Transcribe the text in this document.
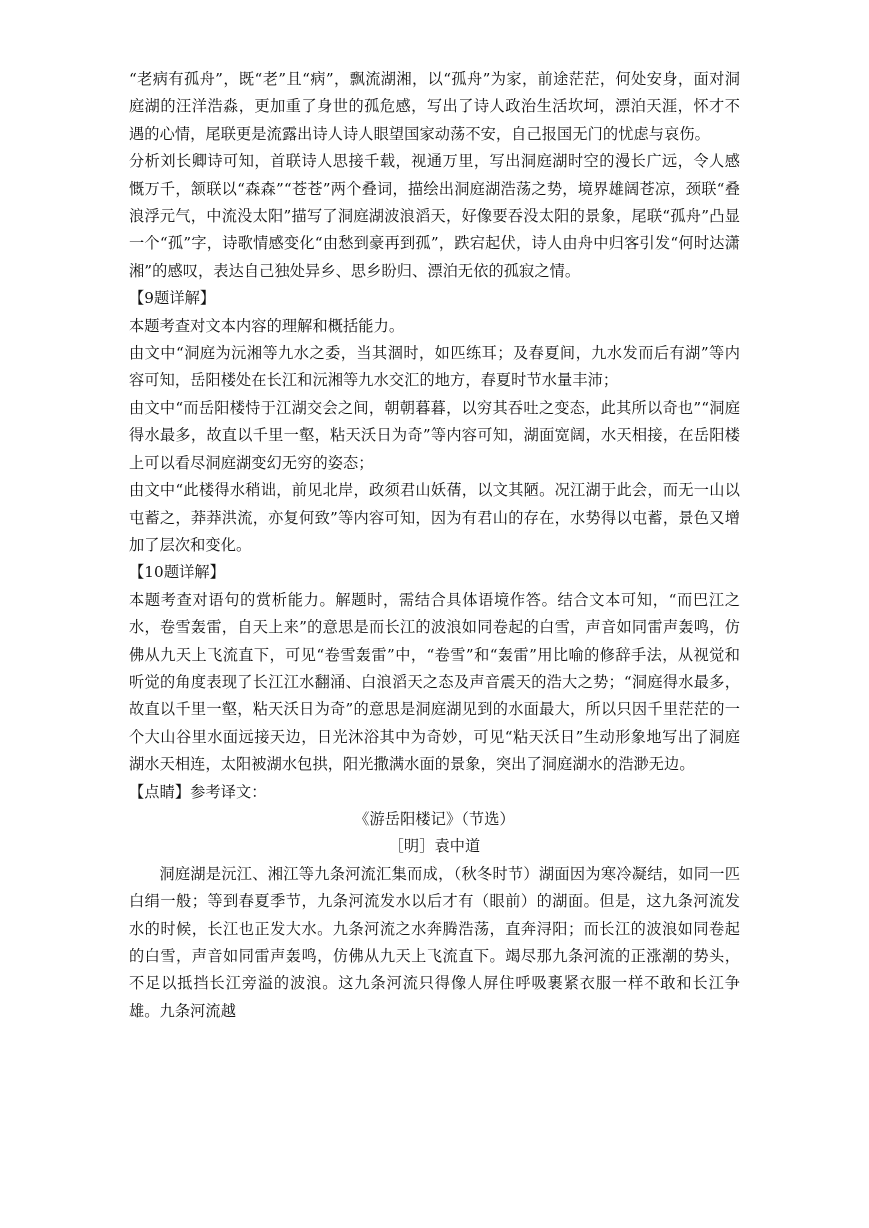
“老病有孤舟”，既“老”且“病”，飘流湖湘，以“孤舟”为家，前途茫茫，何处安身，面对洞庭湖的汪洋浩淼，更加重了身世的孤危感，写出了诗人政治生活坎坷，漂泊天涯，怀才不遇的心情，尾联更是流露出诗人诗人眼望国家动荡不安，自己报国无门的忧虑与哀伤。

分析刘长卿诗可知，首联诗人思接千载，视通万里，写出洞庭湖时空的漫长广远，令人感慨万千，颔联以“森森”“苍苍”两个叠词，描绘出洞庭湖浩荡之势，境界雄阔苍凉，颈联“叠浪浮元气，中流没太阳”描写了洞庭湖波浪滔天，好像要吞没太阳的景象，尾联“孤舟”凸显一个“孤”字，诗歌情感变化“由愁到豪再到孤”，跌宕起伏，诗人由舟中归客引发“何时达潇湘”的感叹，表达自己独处异乡、思乡盼归、漂泊无依的孤寂之情。

【9题详解】

本题考查对文本内容的理解和概括能力。

由文中“洞庭为沅湘等九水之委，当其涸时，如匹练耳；及春夏间，九水发而后有湖”等内容可知，岳阳楼处在长江和沅湘等九水交汇的地方，春夏时节水量丰沛；

由文中“而岳阳楼恃于江湖交会之间，朝朝暮暮，以穷其吞吐之变态，此其所以奇也”“洞庭得水最多，故直以千里一壑，粘天沃日为奇”等内容可知，湖面宽阔，水天相接，在岳阳楼上可以看尽洞庭湖变幻无穷的姿态；

由文中“此楼得水稍诎，前见北岸，政须君山妖蒨，以文其陋。况江湖于此会，而无一山以屯蓄之，莽莽洪流，亦复何致”等内容可知，因为有君山的存在，水势得以屯蓄，景色又增加了层次和变化。

【10题详解】

本题考查对语句的赏析能力。解题时，需结合具体语境作答。结合文本可知，“而巴江之水，卷雪轰雷，自天上来”的意思是而长江的波浪如同卷起的白雪，声音如同雷声轰鸣，仿佛从九天上飞流直下，可见“卷雪轰雷”中，“卷雪”和“轰雷”用比喻的修辞手法，从视觉和听觉的角度表现了长江江水翻涌、白浪滔天之态及声音震天的浩大之势；“洞庭得水最多，故直以千里一壑，粘天沃日为奇”的意思是洞庭湖见到的水面最大，所以只因千里茫茫的一个大山谷里水面远接天边，日光沐浴其中为奇妙，可见“粘天沃日”生动形象地写出了洞庭湖水天相连，太阳被湖水包拱，阳光撒满水面的景象，突出了洞庭湖水的浩渺无边。

【点睛】参考译文：

《游岳阳楼记》（节选）

［明］袁中道

洞庭湖是沅江、湘江等九条河流汇集而成，（秋冬时节）湖面因为寒冷凝结，如同一匹白绢一般；等到春夏季节，九条河流发水以后才有（眼前）的湖面。但是，这九条河流发水的时候，长江也正发大水。九条河流之水奔腾浩荡，直奔浔阳；而长江的波浪如同卷起的白雪，声音如同雷声轰鸣，仿佛从九天上飞流直下。竭尽那九条河流的正涨潮的势头，不足以抵挡长江旁溢的波浪。这九条河流只得像人屏住呼吸裹紧衣服一样不敢和长江争雄。九条河流越
